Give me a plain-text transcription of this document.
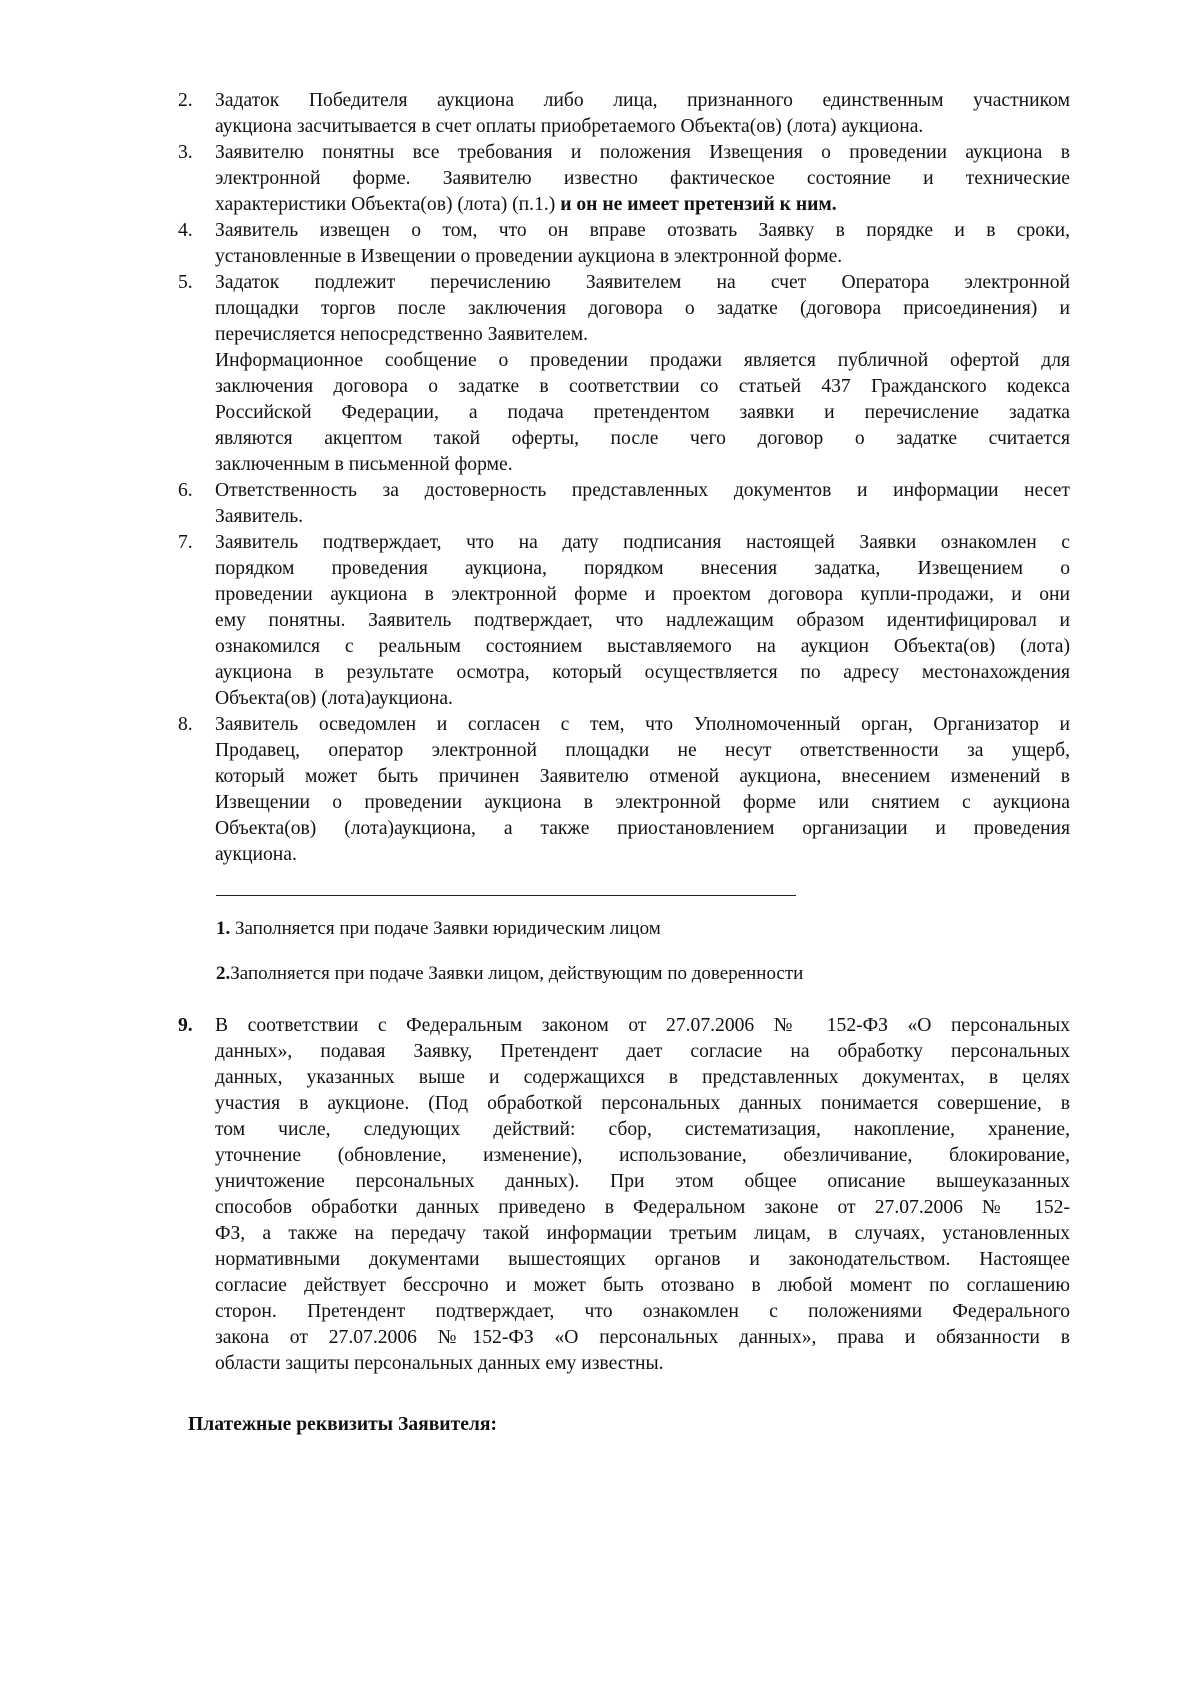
2.	Задаток Победителя аукциона либо лица, признанного единственным участником
аукциона засчитывается в счет оплаты приобретаемого Объекта(ов) (лота) аукциона.
3.	Заявителю понятны все требования и положения Извещения о проведении аукциона в
электронной форме. Заявителю известно фактическое состояние и технические
характеристики Объекта(ов) (лота) (п.1.) и он не имеет претензий к ним.
4.	Заявитель извещен о том, что он вправе отозвать Заявку в порядке и в сроки,
установленные в Извещении о проведении аукциона в электронной форме.
5.	Задаток подлежит перечислению Заявителем на счет Оператора электронной
площадки торгов после заключения договора о задатке (договора присоединения) и
перечисляется непосредственно Заявителем.
Информационное сообщение о проведении продажи является публичной офертой для
заключения договора о задатке в соответствии со статьей 437 Гражданского кодекса
Российской Федерации, а подача претендентом заявки и перечисление задатка
являются акцептом такой оферты, после чего договор о задатке считается
заключенным в письменной форме.
6.	Ответственность за достоверность представленных документов и информации несет
Заявитель.
7.	Заявитель подтверждает, что на дату подписания настоящей Заявки ознакомлен с
порядком проведения аукциона, порядком внесения задатка, Извещением о
проведении аукциона в электронной форме и проектом договора купли-продажи, и они
ему понятны. Заявитель подтверждает, что надлежащим образом идентифицировал и
ознакомился с реальным состоянием выставляемого на аукцион Объекта(ов) (лота)
аукциона в результате осмотра, который осуществляется по адресу местонахождения
Объекта(ов) (лота)аукциона.
8.	Заявитель осведомлен и согласен с тем, что Уполномоченный орган, Организатор и
Продавец, оператор электронной площадки не несут ответственности за ущерб,
который может быть причинен Заявителю отменой аукциона, внесением изменений в
Извещении о проведении аукциона в электронной форме или снятием с аукциона
Объекта(ов) (лота)аукциона, а также приостановлением организации и проведения
аукциона.
1. Заполняется при подаче Заявки юридическим лицом
2.Заполняется при подаче Заявки лицом, действующим по доверенности
9.	В соответствии с Федеральным законом от 27.07.2006 № 152-ФЗ «О персональных
данных», подавая Заявку, Претендент дает согласие на обработку персональных
данных, указанных выше и содержащихся в представленных документах, в целях
участия в аукционе. (Под обработкой персональных данных понимается совершение, в
том числе, следующих действий: сбор, систематизация, накопление, хранение,
уточнение (обновление, изменение), использование, обезличивание, блокирование,
уничтожение персональных данных). При этом общее описание вышеуказанных
способов обработки данных приведено в Федеральном законе от 27.07.2006 № 152-
ФЗ, а также на передачу такой информации третьим лицам, в случаях, установленных
нормативными документами вышестоящих органов и законодательством. Настоящее
согласие действует бессрочно и может быть отозвано в любой момент по соглашению
сторон. Претендент подтверждает, что ознакомлен с положениями Федерального
закона от 27.07.2006 №152-ФЗ «О персональных данных», права и обязанности в
области защиты персональных данных ему известны.
Платежные реквизиты Заявителя:
